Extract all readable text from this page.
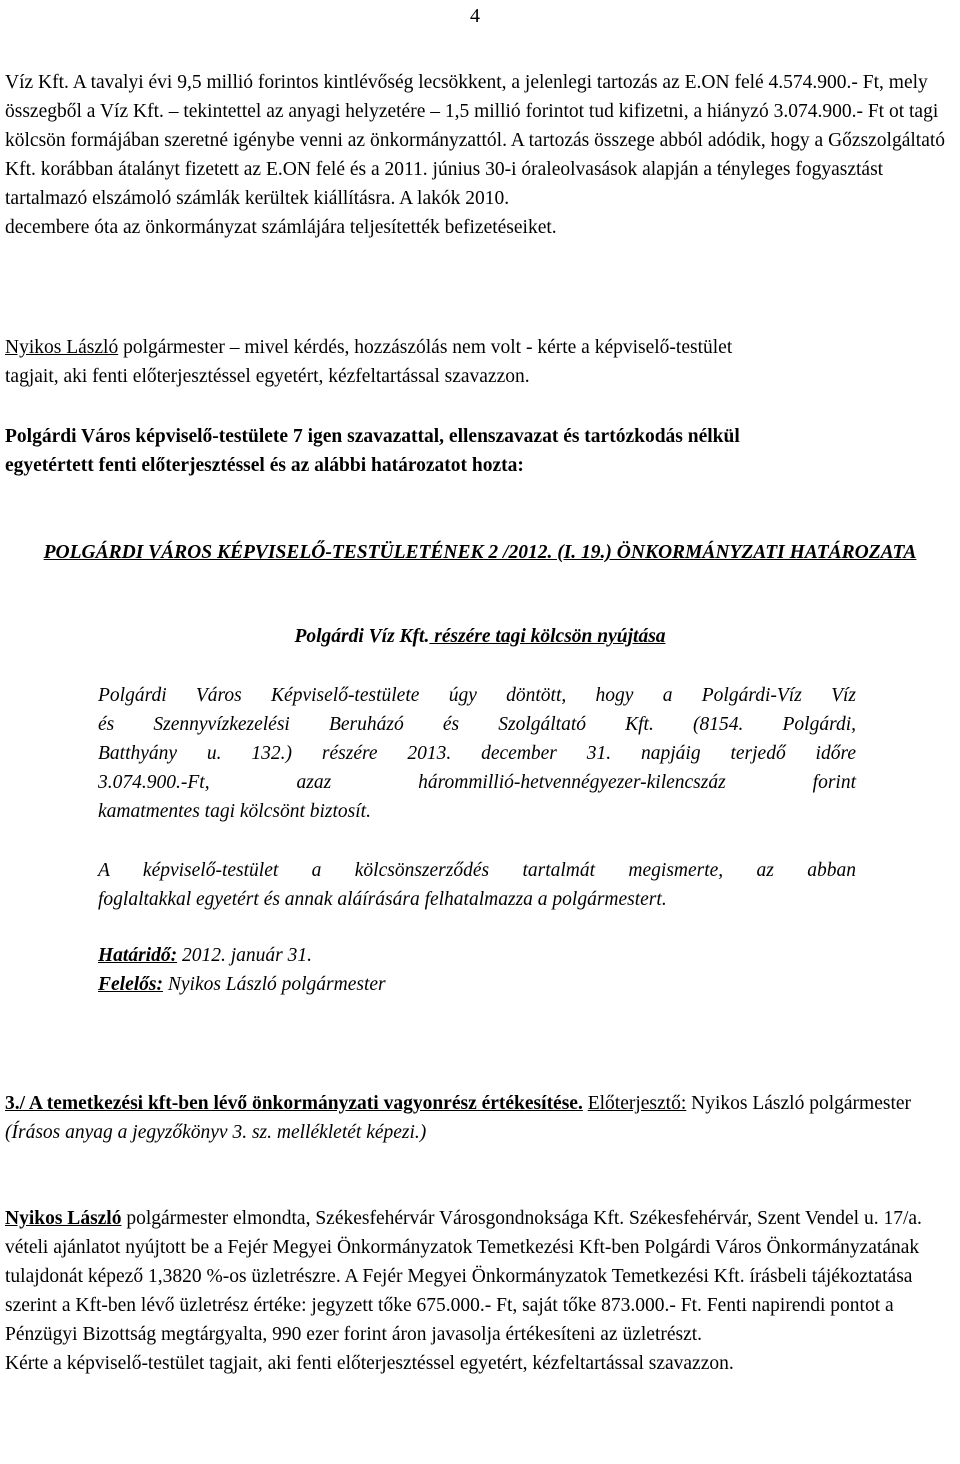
4
Víz Kft. A tavalyi évi 9,5 millió forintos kintlévőség lecsökkent, a jelenlegi tartozás az E.ON felé 4.574.900.- Ft, mely összegből a Víz Kft. – tekintettel az anyagi helyzetére – 1,5 millió forintot tud kifizetni, a hiányzó 3.074.900.- Ft ot tagi kölcsön formájában szeretné igénybe venni az önkormányzattól. A tartozás összege abból adódik, hogy a Gőzszolgáltató Kft. korábban átalányt fizetett az E.ON felé és a 2011. június 30-i óraleolvasások alapján a tényleges fogyasztást tartalmazó elszámoló számlák kerültek kiállításra. A lakók 2010. decembere óta az önkormányzat számlájára teljesítették befizetéseiket.
Nyikos László polgármester – mivel kérdés, hozzászólás nem volt - kérte a képviselő-testület tagjait, aki fenti előterjesztéssel egyetért, kézfeltartással szavazzon.
Polgárdi Város képviselő-testülete 7 igen szavazattal, ellenszavazat és tartózkodás nélkül egyetértett fenti előterjesztéssel és az alábbi határozatot hozta:
POLGÁRDI VÁROS KÉPVISELŐ-TESTÜLETÉNEK 2 /2012. (I. 19.) ÖNKORMÁNYZATI HATÁROZATA
Polgárdi Víz Kft. részére tagi kölcsön nyújtása
Polgárdi Város Képviselő-testülete úgy döntött, hogy a Polgárdi-Víz Víz
és Szennyvízkezelési Beruházó és Szolgáltató Kft. (8154. Polgárdi,
Batthyány u. 132.) részére 2013. december 31. napjáig terjedő időre
3.074.900.-Ft, azaz hárommillió-hetvennégyezer-kilencszáz forint
kamatmentes tagi kölcsönt biztosít.
A képviselő-testület a kölcsönszerződés tartalmát megismerte, az abban
foglaltakkal egyetért és annak aláírására felhatalmazza a polgármestert.
Határidő: 2012. január 31.
Felelős: Nyikos László polgármester
3./ A temetkezési kft-ben lévő önkormányzati vagyonrész értékesítése. Előterjesztő: Nyikos László polgármester (Írásos anyag a jegyzőkönyv 3. sz. mellékletét képezi.)
Nyikos László polgármester elmondta, Székesfehérvár Városgondnoksága Kft. Székesfehérvár, Szent Vendel u. 17/a. vételi ajánlatot nyújtott be a Fejér Megyei Önkormányzatok Temetkezési Kft-ben Polgárdi Város Önkormányzatának tulajdonát képező 1,3820 %-os üzletrészre. A Fejér Megyei Önkormányzatok Temetkezési Kft. írásbeli tájékoztatása szerint a Kft-ben lévő üzletrész értéke: jegyzett tőke 675.000.- Ft, saját tőke 873.000.- Ft. Fenti napirendi pontot a Pénzügyi Bizottság megtárgyalta, 990 ezer forint áron javasolja értékesíteni az üzletrészt. Kérte a képviselő-testület tagjait, aki fenti előterjesztéssel egyetért, kézfeltartással szavazzon.
